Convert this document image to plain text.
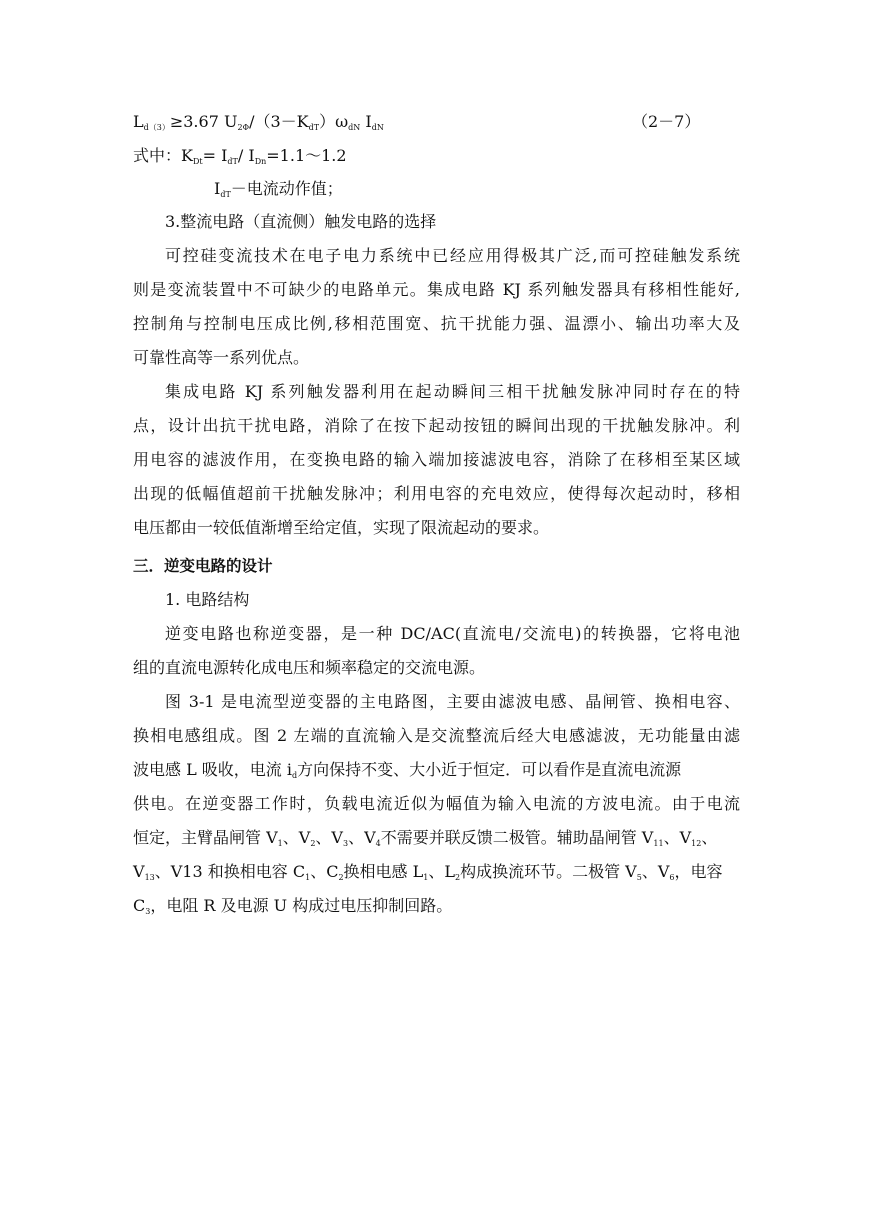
$L_{d(3)}\ge 3.67$ $U_{2\Phi}/(3-K_{dT})\omega_{dN}$ $I_{dN}$	（2－7）
式中：$K_{Dt}= I_{dT}/$ $I_{Dn}=1.1\sim 1.2$
$I_{dT}-$电流动作值；
3.整流电路（直流侧）触发电路的选择
可控硅变流技术在电子电力系统中已经应用得极其广泛,而可控硅触发系统
则是变流装置中不可缺少的电路单元。集成电路 KJ 系列触发器具有移相性能好,
控制角与控制电压成比例,移相范围宽、抗干扰能力强、温漂小、输出功率大及
可靠性高等一系列优点。
集成电路 KJ 系列触发器利用在起动瞬间三相干扰触发脉冲同时存在的特
点，设计出抗干扰电路，消除了在按下起动按钮的瞬间出现的干扰触发脉冲。利
用电容的滤波作用，在变换电路的输入端加接滤波电容，消除了在移相至某区域
出现的低幅值超前干扰触发脉冲；利用电容的充电效应，使得每次起动时，移相
电压都由一较低值渐增至给定值，实现了限流起动的要求。
三．逆变电路的设计
1. 电路结构
逆变电路也称逆变器，是一种 DC/AC(直流电/交流电)的转换器，它将电池
组的直流电源转化成电压和频率稳定的交流电源。
图 3-1 是电流型逆变器的主电路图，主要由滤波电感、晶闸管、换相电容、
换相电感组成。图 2 左端的直流输入是交流整流后经大电感滤波，无功能量由滤
波电感 L 吸收，电流 $i_d$方向保持不变、大小近于恒定．可以看作是直流电流源
供电。在逆变器工作时，负载电流近似为幅值为输入电流的方波电流。由于电流
恒定，主臂晶闸管 $V_1$、$V_2$、$V_3$、$V_4$不需要并联反馈二极管。辅助晶闸管 $V_{11}$、$V_{12}$、
$V_{13}$、V13 和换相电容 $C_1$、$C_2$换相电感 $L_1$、$L_2$构成换流环节。二极管 $V_5$、$V_6$，电容
$C_3$，电阻 R 及电源 U 构成过电压抑制回路。
